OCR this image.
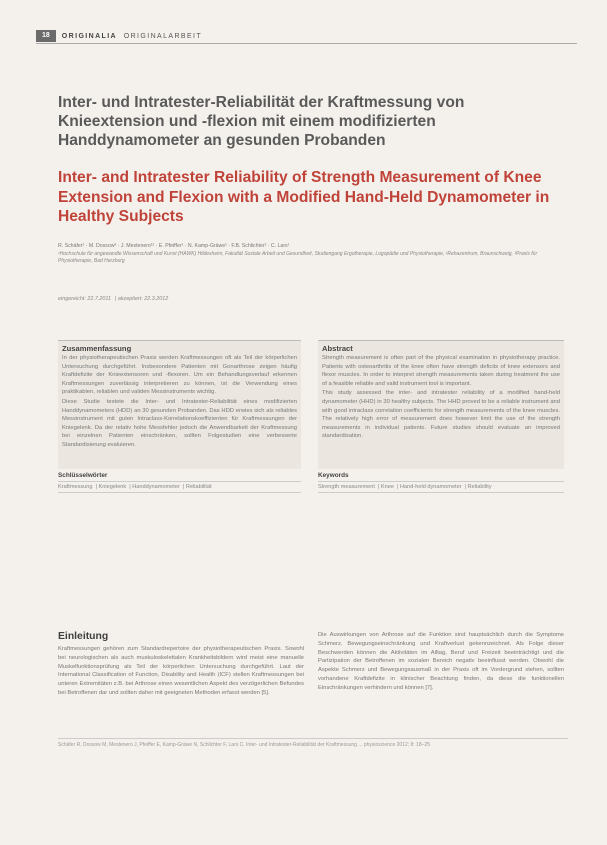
18	ORIGINALIA ORIGINALARBEIT
Inter- und Intratester-Reliabilität der Kraftmessung von Knieextension und -flexion mit einem modifizierten Handdynamometer an gesunden Probanden
Inter- and Intratester Reliability of Strength Measurement of Knee Extension and Flexion with a Modified Hand-Held Dynamometer in Healthy Subjects
R. Schäfer¹ · M. Dossow² · J. Mestenero¹² · E. Pfeiffer¹ · N. Kamp-Gräwe¹ · F.B. Schlichter¹ · C. Lars¹
¹Hochschule für angewandte Wissenschaft und Kunst (HAWK) Hildesheim, Fakultät Soziale Arbeit und Gesundheit, Studiengang Ergotherapie, Logopädie und Physiotherapie, ²Rehazentrum, Braunschweig, ³Praxis für Physiotherapie, Bad Harzburg
eingereicht: 22.7.2011 | akzeptiert: 22.3.2012
Zusammenfassung

In der physiotherapeutischen Praxis werden Kraftmessungen oft als Teil der körperlichen Untersuchung durchgeführt. Insbesondere Patienten mit Gonarthrose zeigen häufig Kraftdefizite der Knieextensoren und -flexoren. Um ein Behandlungsverlauf erkennen Kraftmessungen zuverlässig interpretieren zu können, ist die Verwendung eines praktikablen, reliablen und validen Messinstruments wichtig.

Diese Studie testete die Inter- und Intratester-Reliabilität eines modifizierten Handdynamometers (HDD) an 30 gesunden Probanden. Das HDD erwies sich als reliables Messinstrument mit guten Intraclass-Korrelationskoeffizienten für Kraftmessungen der Kniegelenk. Da der relativ hohe Messfehler jedoch die Anwendbarkeit der Kraftmessung bei einzelnen Patienten einschränken, sollten Folgestudien eine verbesserte Standardisierung evaluieren.

Abstract

Strength measurement is often part of the physical examination in physiotherapy practice. Patients with osteoarthritis of the knee often have strength deficits of knee extensors and flexor muscles. In order to interpret strength measurements taken during treatment the use of a feasible reliable and valid instrument tool is important.

This study assessed the inter- and intratester reliability of a modified hand-held dynamometer (HHD) in 30 healthy subjects. The HHD proved to be a reliable instrument and with good intraclass correlation coefficients for strength measurements of the knee muscles. The relatively high error of measurement does however limit the use of the strength measurements in individual patients. Future studies should evaluate an improved standardisation.

Schlüsselwörter
Kraftmessung | Kniegelenk | Handdynamometer | Reliabilität
Keywords
Strength measurement | Knee | Hand-held dynamometer | Reliability
Einleitung

Kraftmessungen gehören zum Standardrepertoire der physiotherapeutischen Praxis. Sowohl bei neurologischen als auch muskuloskelettalen Krankheitsbildern wird meist eine manuelle Muskelfunktionsprüfung als Teil der körperlichen Untersuchung durchgeführt. Laut der International Classification of Function, Disability and Health (ICF) stellen Kraftmessungen bei unteren Extremitäten z.B. bei Arthrose einen wesentlichen Aspekt des verzögerlichen Befundes bei Betroffenen dar und sollten daher mit geeigneten Methoden erfasst werden [5].

Die Auswirkungen von Arthrose auf die Funktion sind hauptsächlich durch die Symptome Schmerz, Bewegungseinschränkung und Kraftverlust gekennzeichnet. Als Folge dieser Beschwerden können die Aktivitäten im Alltag, Beruf und Freizeit beeinträchtigt und die Partizipation der Betroffenen im sozialen Bereich negativ beeinflusst werden. Obwohl die Aspekte Schmerz und Bewegungsausmaß in der Praxis oft im Vordergrund stehen, sollten vorhandene Kraftdefizite in klinischer Beachtung finden, da diese die funktionellen Einschränkungen verhindern und können [7].

Schäfer R, Dossow M, Mestenero J, Pfeiffer E, Kamp-Gräwe N, Schlichter F, Lars C. Inter- und Intratester-Reliabilität der Kraftmessung ... physioscience 2012; 8: 18–25
